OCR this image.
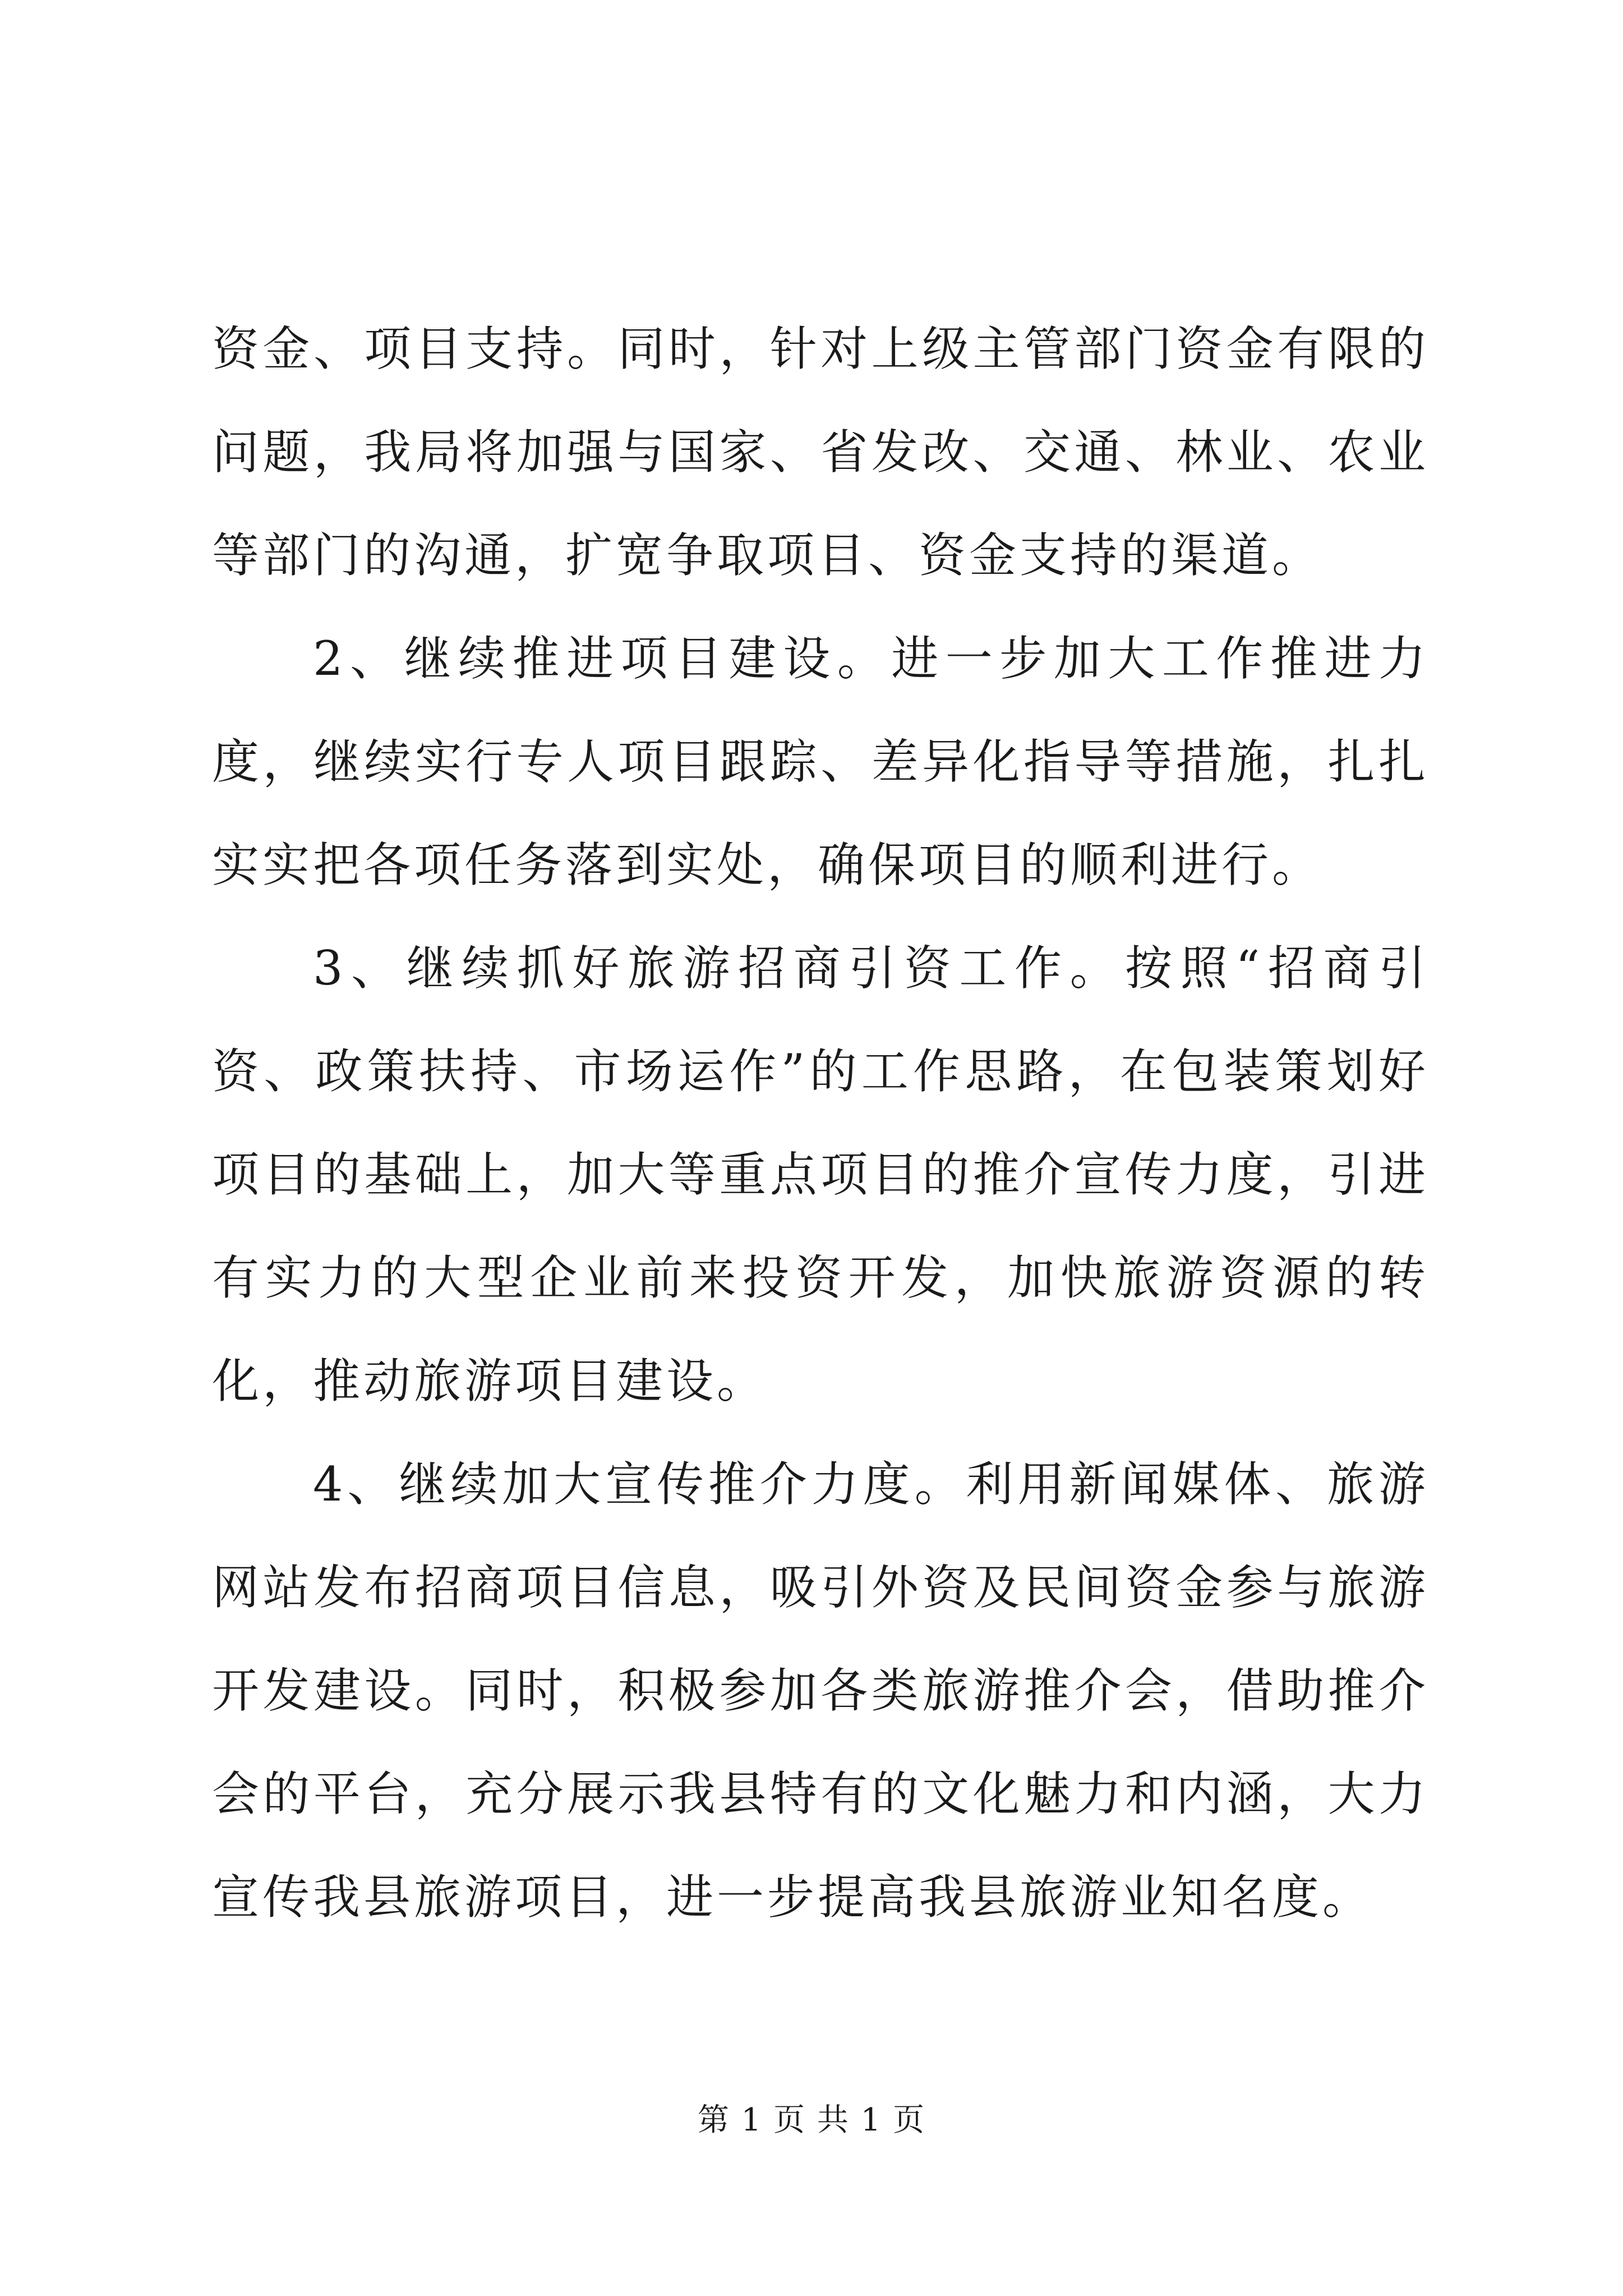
资金、项目支持。同时，针对上级主管部门资金有限的问题，我局将加强与国家、省发改、交通、林业、农业等部门的沟通，扩宽争取项目、资金支持的渠道。

2、继续推进项目建设。进一步加大工作推进力度，继续实行专人项目跟踪、差异化指导等措施，扎扎实实把各项任务落到实处，确保项目的顺利进行。

3、继续抓好旅游招商引资工作。按照“招商引资、政策扶持、市场运作”的工作思路，在包装策划好项目的基础上，加大等重点项目的推介宣传力度，引进有实力的大型企业前来投资开发，加快旅游资源的转化，推动旅游项目建设。

4、继续加大宣传推介力度。利用新闻媒体、旅游网站发布招商项目信息，吸引外资及民间资金参与旅游开发建设。同时，积极参加各类旅游推介会，借助推介会的平台，充分展示我县特有的文化魅力和内涵，大力宣传我县旅游项目，进一步提高我县旅游业知名度。

第 1 页 共 1 页
